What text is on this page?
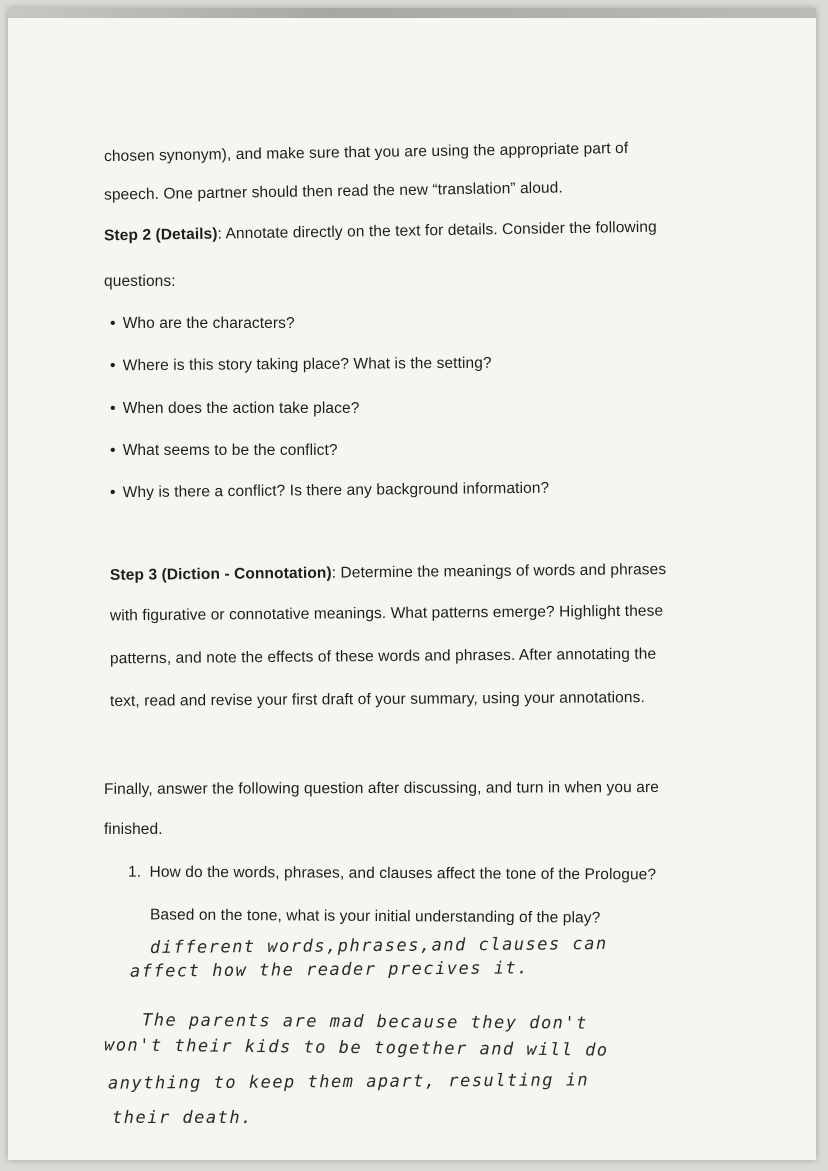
chosen synonym), and make sure that you are using the appropriate part of
speech. One partner should then read the new “translation” aloud.
Step 2 (Details): Annotate directly on the text for details. Consider the following
questions:
• Who are the characters?
• Where is this story taking place? What is the setting?
• When does the action take place?
• What seems to be the conflict?
• Why is there a conflict? Is there any background information?
Step 3 (Diction - Connotation): Determine the meanings of words and phrases
with figurative or connotative meanings. What patterns emerge? Highlight these
patterns, and note the effects of these words and phrases. After annotating the
text, read and revise your first draft of your summary, using your annotations.
Finally, answer the following question after discussing, and turn in when you are
finished.
1. How do the words, phrases, and clauses affect the tone of the Prologue?
Based on the tone, what is your initial understanding of the play?
different words,phrases,and clauses can
affect how the reader precives it.
The parents are mad because they don't
won't their kids to be together and will do
anything to keep them apart, resulting in
their death.
